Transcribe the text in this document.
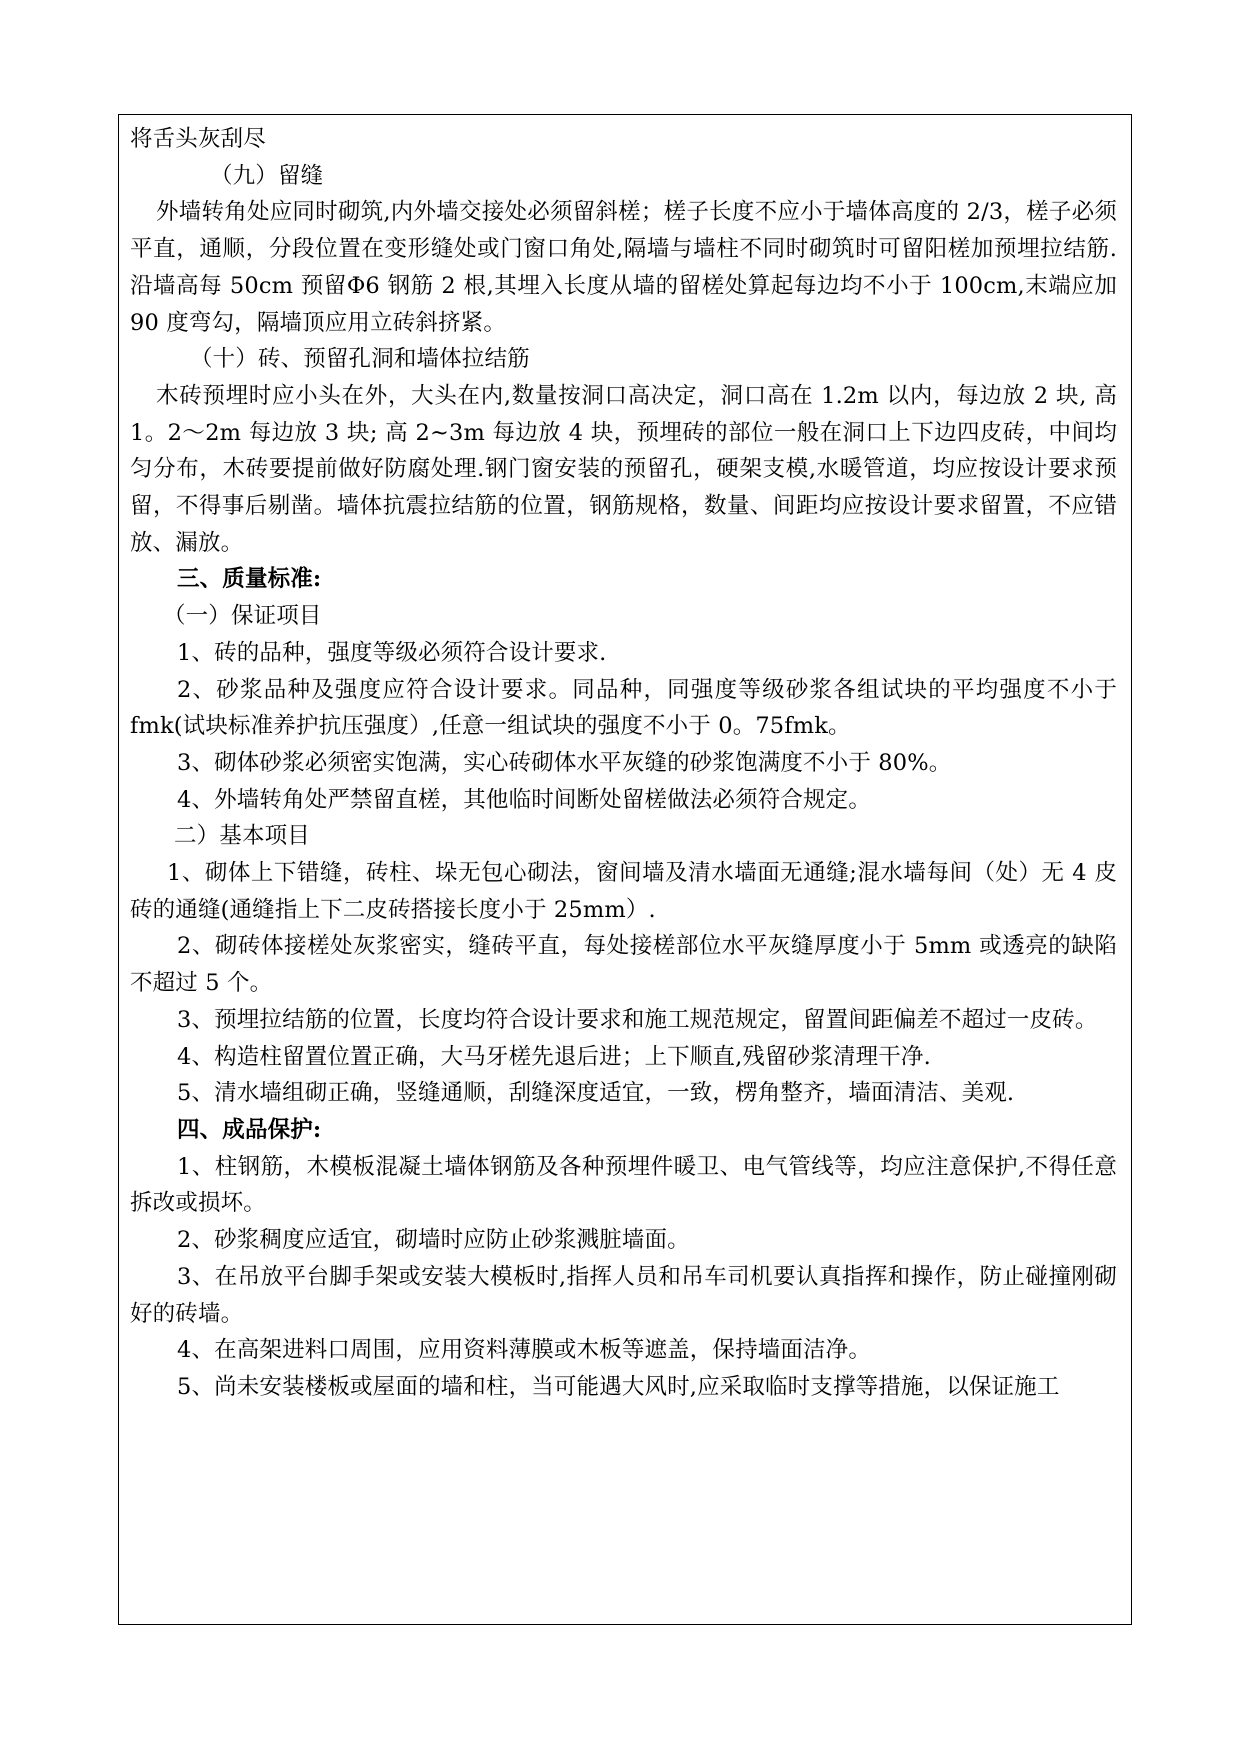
将舌头灰刮尽

（九）留缝

外墙转角处应同时砌筑,内外墙交接处必须留斜槎；槎子长度不应小于墙体高度的 2/3，槎子必须平直，通顺，分段位置在变形缝处或门窗口角处,隔墙与墙柱不同时砌筑时可留阳槎加预埋拉结筋.沿墙高每 50cm 预留Φ6 钢筋 2 根,其埋入长度从墙的留槎处算起每边均不小于 100cm,末端应加 90 度弯勾，隔墙顶应用立砖斜挤紧。

（十）砖、预留孔洞和墙体拉结筋

木砖预埋时应小头在外，大头在内,数量按洞口高决定，洞口高在 1.2m 以内，每边放 2 块, 高 1。2～2m 每边放 3 块; 高 2~3m 每边放 4 块，预埋砖的部位一般在洞口上下边四皮砖，中间均匀分布，木砖要提前做好防腐处理.钢门窗安装的预留孔，硬架支模,水暖管道，均应按设计要求预留，不得事后剔凿。墙体抗震拉结筋的位置，钢筋规格，数量、间距均应按设计要求留置，不应错放、漏放。

三、质量标准:

（一）保证项目

1、砖的品种，强度等级必须符合设计要求.

2、砂浆品种及强度应符合设计要求。同品种，同强度等级砂浆各组试块的平均强度不小于 fmk(试块标准养护抗压强度）,任意一组试块的强度不小于 0。75fmk。

3、砌体砂浆必须密实饱满，实心砖砌体水平灰缝的砂浆饱满度不小于 80%。

4、外墙转角处严禁留直槎，其他临时间断处留槎做法必须符合规定。

二）基本项目

1、砌体上下错缝，砖柱、垛无包心砌法，窗间墙及清水墙面无通缝;混水墙每间（处）无 4 皮砖的通缝(通缝指上下二皮砖搭接长度小于 25mm）.

2、砌砖体接槎处灰浆密实，缝砖平直，每处接槎部位水平灰缝厚度小于 5mm 或透亮的缺陷不超过 5 个。

3、预埋拉结筋的位置，长度均符合设计要求和施工规范规定，留置间距偏差不超过一皮砖。

4、构造柱留置位置正确，大马牙槎先退后进；上下顺直,残留砂浆清理干净.

5、清水墙组砌正确，竖缝通顺，刮缝深度适宜，一致，楞角整齐，墙面清洁、美观.

四、成品保护:

1、柱钢筋，木模板混凝土墙体钢筋及各种预埋件暖卫、电气管线等，均应注意保护,不得任意拆改或损坏。

2、砂浆稠度应适宜，砌墙时应防止砂浆溅脏墙面。

3、在吊放平台脚手架或安装大模板时,指挥人员和吊车司机要认真指挥和操作，防止碰撞刚砌好的砖墙。

4、在高架进料口周围，应用资料薄膜或木板等遮盖，保持墙面洁净。

5、尚未安装楼板或屋面的墙和柱，当可能遇大风时,应采取临时支撑等措施，以保证施工
